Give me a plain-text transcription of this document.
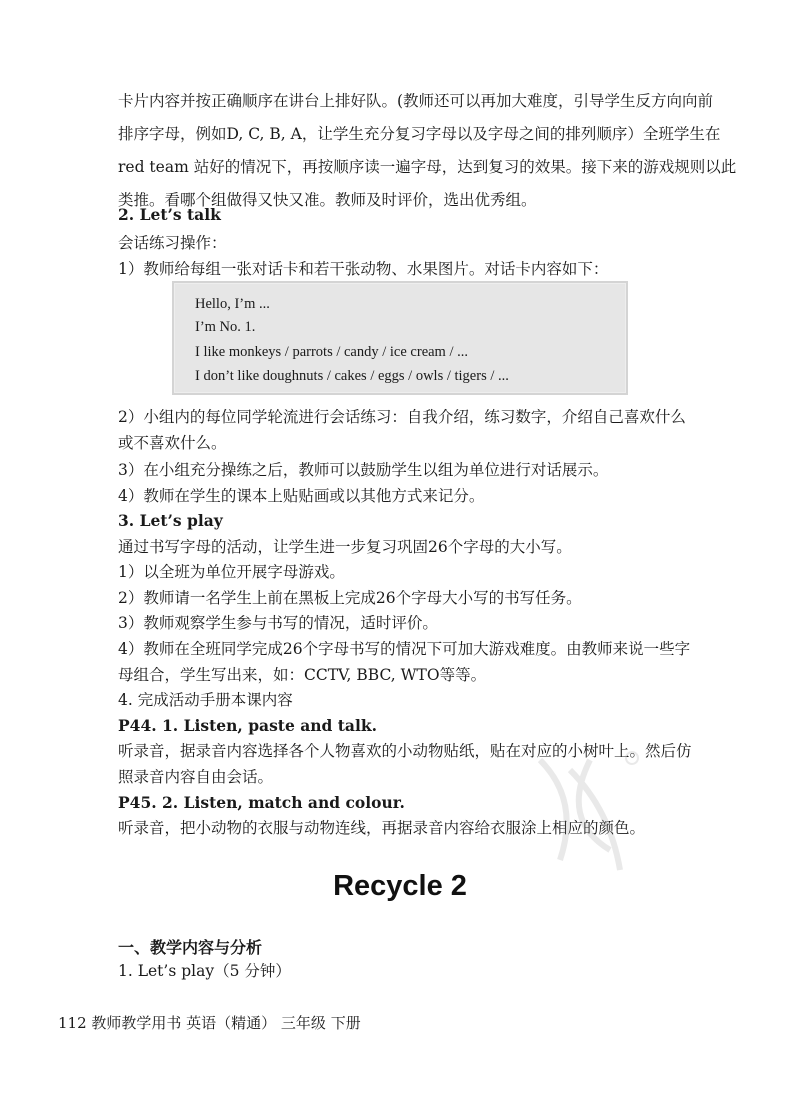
卡片内容并按正确顺序在讲台上排好队。(教师还可以再加大难度，引导学生反方向向前
排序字母，例如D, C, B, A，让学生充分复习字母以及字母之间的排列顺序）全班学生在
red team 站好的情况下，再按顺序读一遍字母，达到复习的效果。接下来的游戏规则以此
类推。看哪个组做得又快又准。教师及时评价，选出优秀组。
2. Let’s talk
会话练习操作：
1）教师给每组一张对话卡和若干张动物、水果图片。对话卡内容如下：
Hello, I’m ...
I’m No. 1.
I like monkeys / parrots / candy / ice cream / ...
I don’t like doughnuts / cakes / eggs / owls / tigers / ...
2）小组内的每位同学轮流进行会话练习：自我介绍，练习数字，介绍自己喜欢什么
或不喜欢什么。
3）在小组充分操练之后，教师可以鼓励学生以组为单位进行对话展示。
4）教师在学生的课本上贴贴画或以其他方式来记分。
3. Let’s play
通过书写字母的活动，让学生进一步复习巩固26个字母的大小写。
1）以全班为单位开展字母游戏。
2）教师请一名学生上前在黑板上完成26个字母大小写的书写任务。
3）教师观察学生参与书写的情况，适时评价。
4）教师在全班同学完成26个字母书写的情况下可加大游戏难度。由教师来说一些字
母组合，学生写出来，如：CCTV, BBC, WTO等等。
4. 完成活动手册本课内容
P44. 1. Listen, paste and talk.
听录音，据录音内容选择各个人物喜欢的小动物贴纸，贴在对应的小树叶上。然后仿
照录音内容自由会话。
P45. 2. Listen, match and colour.
听录音，把小动物的衣服与动物连线，再据录音内容给衣服涂上相应的颜色。
Recycle 2
一、教学内容与分析
1. Let’s play（5 分钟）
112 教师教学用书 英语（精通） 三年级 下册
